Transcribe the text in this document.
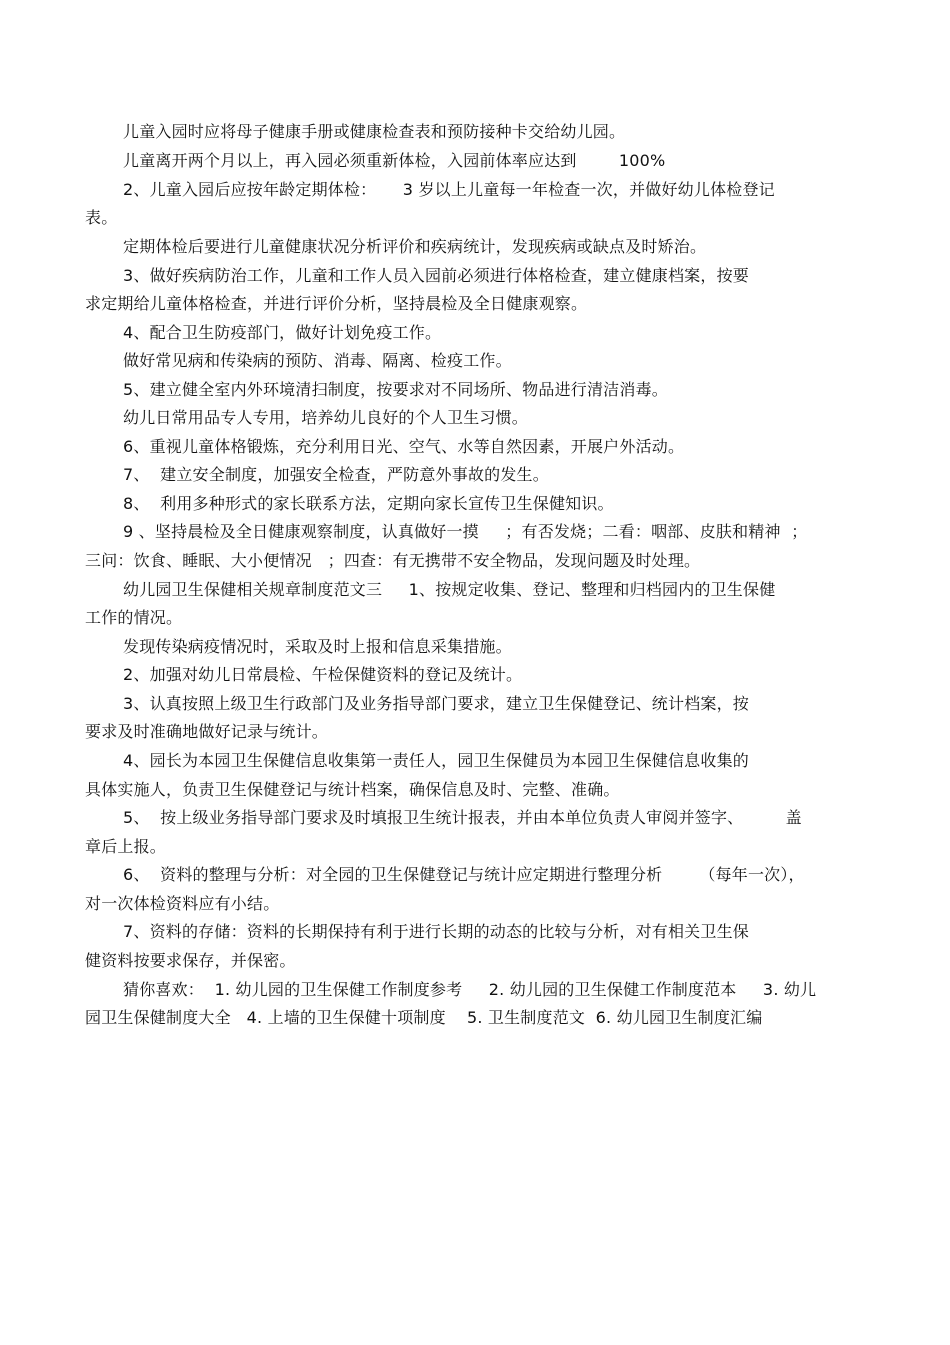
儿童入园时应将母子健康手册或健康检查表和预防接种卡交给幼儿园。
儿童离开两个月以上，再入园必须重新体检，入园前体率应达到        100%
2、儿童入园后应按年龄定期体检：     3 岁以上儿童每一年检查一次，并做好幼儿体检登记
表。
定期体检后要进行儿童健康状况分析评价和疾病统计，发现疾病或缺点及时矫治。
3、做好疾病防治工作，儿童和工作人员入园前必须进行体格检查，建立健康档案，按要
求定期给儿童体格检查，并进行评价分析，坚持晨检及全日健康观察。
4、配合卫生防疫部门，做好计划免疫工作。
做好常见病和传染病的预防、消毒、隔离、检疫工作。
5、建立健全室内外环境清扫制度，按要求对不同场所、物品进行清洁消毒。
幼儿日常用品专人专用，培养幼儿良好的个人卫生习惯。
6、重视儿童体格锻炼，充分利用日光、空气、水等自然因素，开展户外活动。
7、  建立安全制度，加强安全检查，严防意外事故的发生。
8、  利用多种形式的家长联系方法，定期向家长宣传卫生保健知识。
9 、坚持晨检及全日健康观察制度，认真做好一摸     ；有否发烧；二看：咽部、皮肤和精神  ；
三问：饮食、睡眠、大小便情况   ；四查：有无携带不安全物品，发现问题及时处理。
幼儿园卫生保健相关规章制度范文三     1、按规定收集、登记、整理和归档园内的卫生保健
工作的情况。
发现传染病疫情况时，采取及时上报和信息采集措施。
2、加强对幼儿日常晨检、午检保健资料的登记及统计。
3、认真按照上级卫生行政部门及业务指导部门要求，建立卫生保健登记、统计档案，按
要求及时准确地做好记录与统计。
4、园长为本园卫生保健信息收集第一责任人，园卫生保健员为本园卫生保健信息收集的
具体实施人，负责卫生保健登记与统计档案，确保信息及时、完整、准确。
5、  按上级业务指导部门要求及时填报卫生统计报表，并由本单位负责人审阅并签字、        盖
章后上报。
6、  资料的整理与分析：对全园的卫生保健登记与统计应定期进行整理分析       （每年一次），
对一次体检资料应有小结。
7、资料的存储：资料的长期保持有利于进行长期的动态的比较与分析，对有相关卫生保
健资料按要求保存，并保密。
猜你喜欢：  1. 幼儿园的卫生保健工作制度参考     2. 幼儿园的卫生保健工作制度范本     3. 幼儿
园卫生保健制度大全   4. 上墙的卫生保健十项制度    5. 卫生制度范文  6. 幼儿园卫生制度汇编
